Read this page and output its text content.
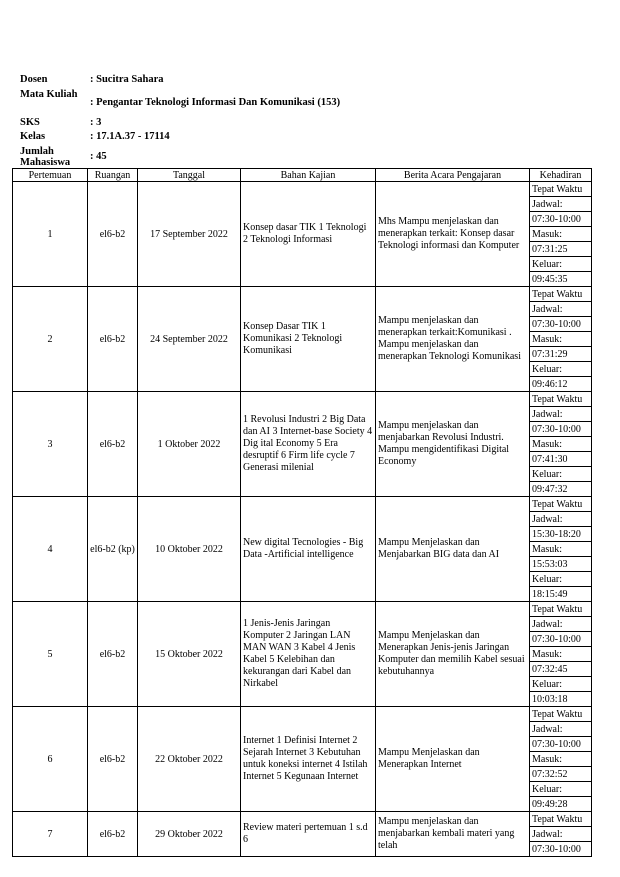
Dosen	: Sucitra Sahara
Mata Kuliah
: Pengantar Teknologi Informasi Dan Komunikasi (153)
SKS	: 3
Kelas	: 17.1A.37 - 17114
Jumlah Mahasiswa
: 45
Pertemuan	Ruangan	Tanggal	Bahan Kajian	Berita Acara Pengajaran	Kehadiran
1	el6-b2	17 September 2022	Konsep dasar TIK 1 Teknologi 2 Teknologi Informasi	Mhs Mampu menjelaskan dan menerapkan terkait: Konsep dasar Teknologi informasi dan Komputer	Tepat Waktu
					Jadwal:
					07:30-10:00
					Masuk:
					07:31:25
					Keluar:
					09:45:35
2	el6-b2	24 September 2022	Konsep Dasar TIK 1 Komunikasi 2 Teknologi Komunikasi	Mampu menjelaskan dan menerapkan terkait:Komunikasi . Mampu menjelaskan dan menerapkan Teknologi Komunikasi	Tepat Waktu
					Jadwal:
					07:30-10:00
					Masuk:
					07:31:29
					Keluar:
					09:46:12
3	el6-b2	1 Oktober 2022	1 Revolusi Industri 2 Big Data dan AI 3 Internet-base Society 4 Dig ital Economy 5 Era desruptif 6 Firm life cycle 7 Generasi milenial	Mampu menjelaskan dan menjabarkan Revolusi Industri. Mampu mengidentifikasi Digital Economy	Tepat Waktu
					Jadwal:
					07:30-10:00
					Masuk:
					07:41:30
					Keluar:
					09:47:32
4	el6-b2 (kp)	10 Oktober 2022	New digital Tecnologies - Big Data -Artificial intelligence	Mampu Menjelaskan dan Menjabarkan BIG data dan AI	Tepat Waktu
					Jadwal:
					15:30-18:20
					Masuk:
					15:53:03
					Keluar:
					18:15:49
5	el6-b2	15 Oktober 2022	1 Jenis-Jenis Jaringan Komputer 2 Jaringan LAN MAN WAN 3 Kabel 4 Jenis Kabel 5 Kelebihan dan kekurangan dari Kabel dan Nirkabel	Mampu Menjelaskan dan Menerapkan Jenis-jenis Jaringan Komputer dan memilih Kabel sesuai kebutuhannya	Tepat Waktu
					Jadwal:
					07:30-10:00
					Masuk:
					07:32:45
					Keluar:
					10:03:18
6	el6-b2	22 Oktober 2022	Internet 1 Definisi Internet 2 Sejarah Internet 3 Kebutuhan untuk koneksi internet 4 Istilah Internet 5 Kegunaan Internet	Mampu Menjelaskan dan Menerapkan Internet	Tepat Waktu
					Jadwal:
					07:30-10:00
					Masuk:
					07:32:52
					Keluar:
					09:49:28
7	el6-b2	29 Oktober 2022	Review materi pertemuan 1 s.d 6	Mampu menjelaskan dan menjabarkan kembali materi yang telah	Tepat Waktu
					Jadwal:
					07:30-10:00
